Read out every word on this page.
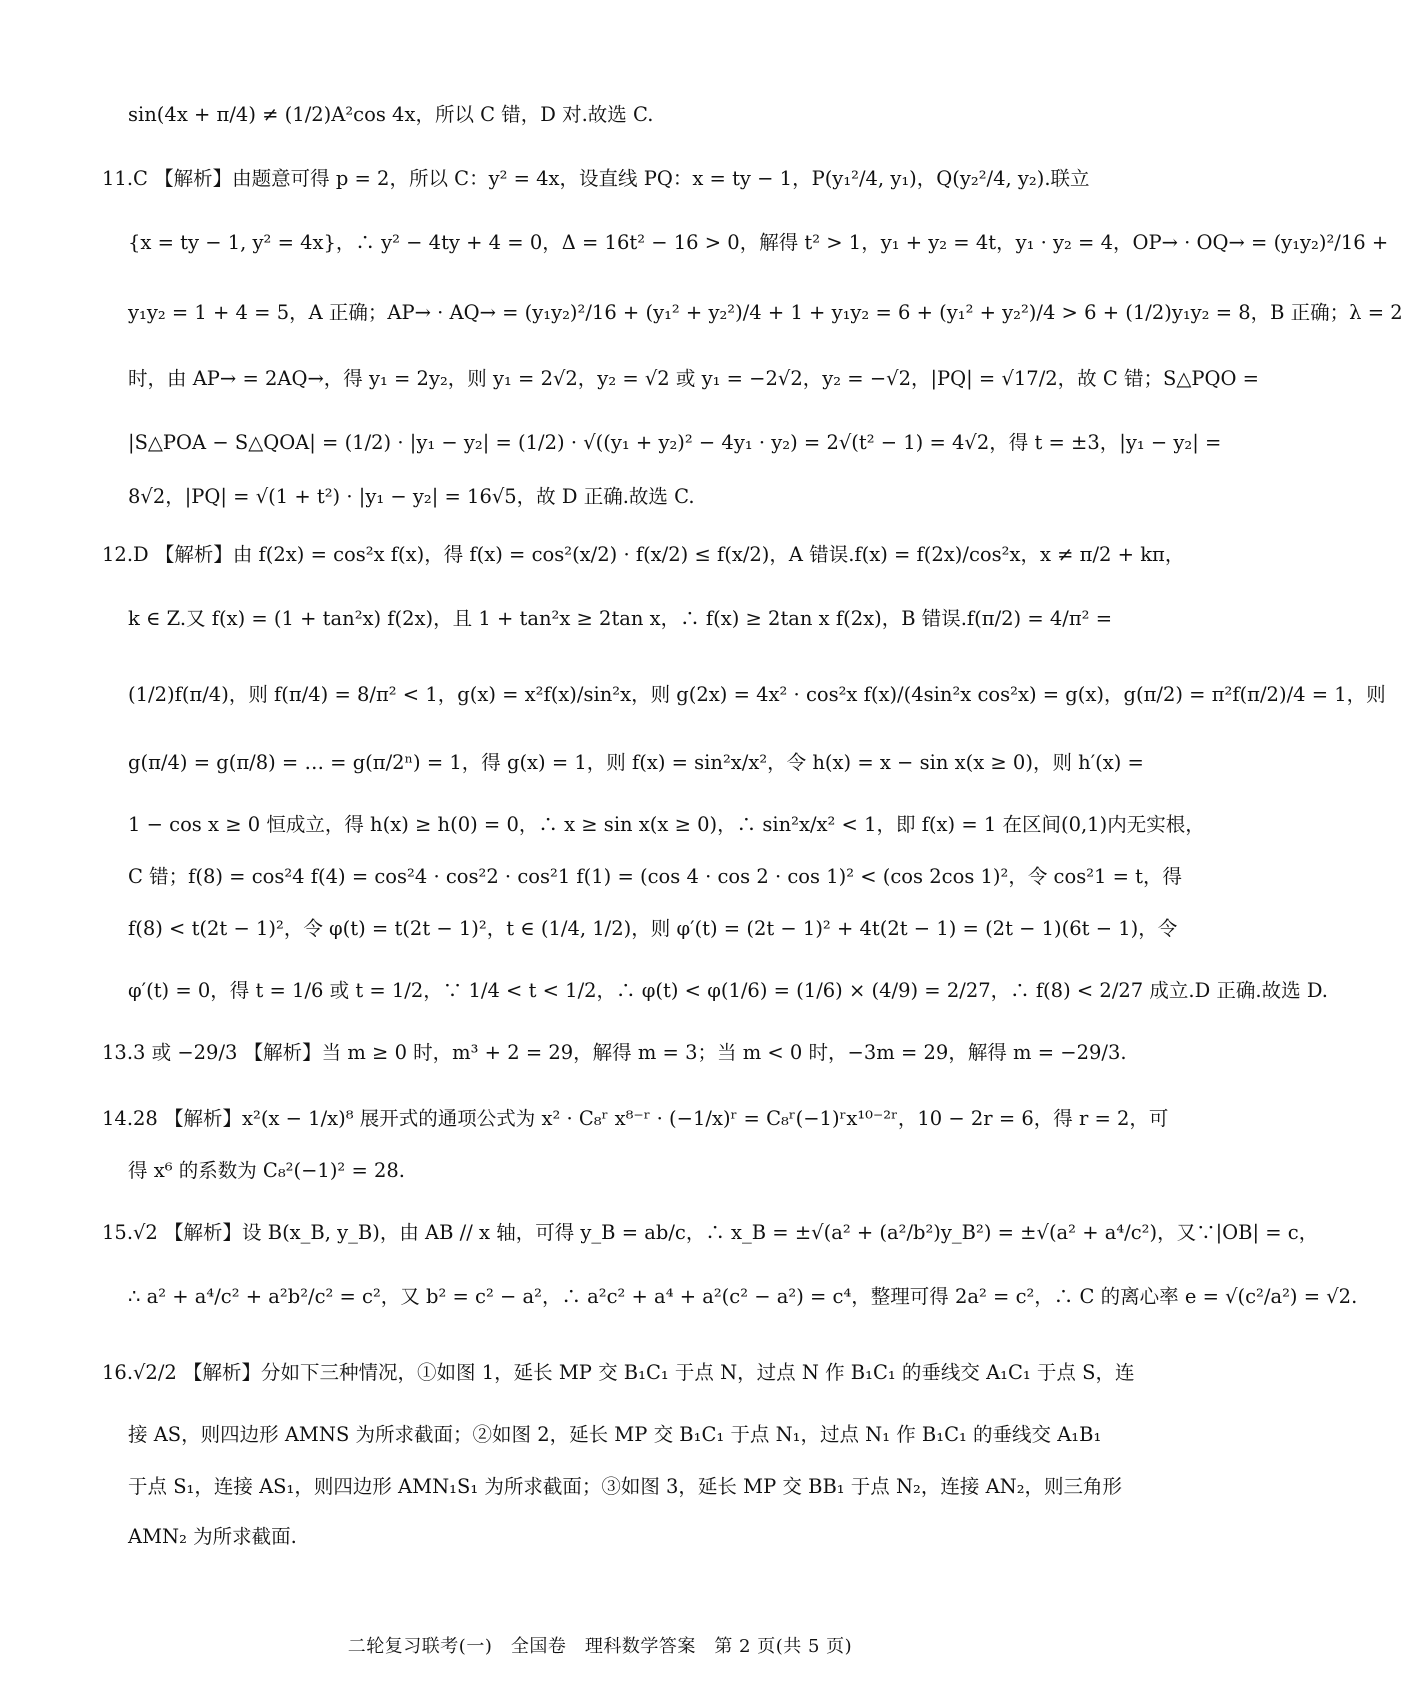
sin(4x + π/4) ≠ (1/2)A²cos 4x，所以 C 错，D 对.故选 C.
11.C 【解析】由题意可得 p = 2，所以 C：y² = 4x，设直线 PQ：x = ty − 1，P(y₁²/4, y₁)，Q(y₂²/4, y₂).联立
{x = ty − 1, y² = 4x}，∴ y² − 4ty + 4 = 0，Δ = 16t² − 16 > 0，解得 t² > 1，y₁ + y₂ = 4t，y₁ · y₂ = 4，OP→ · OQ→ = (y₁y₂)²/16 +
y₁y₂ = 1 + 4 = 5，A 正确；AP→ · AQ→ = (y₁y₂)²/16 + (y₁² + y₂²)/4 + 1 + y₁y₂ = 6 + (y₁² + y₂²)/4 > 6 + (1/2)y₁y₂ = 8，B 正确；λ = 2
时，由 AP→ = 2AQ→，得 y₁ = 2y₂，则 y₁ = 2√2，y₂ = √2 或 y₁ = −2√2，y₂ = −√2，|PQ| = √17/2，故 C 错；S△PQO =
|S△POA − S△QOA| = (1/2) · |y₁ − y₂| = (1/2) · √((y₁ + y₂)² − 4y₁ · y₂) = 2√(t² − 1) = 4√2，得 t = ±3，|y₁ − y₂| =
8√2，|PQ| = √(1 + t²) · |y₁ − y₂| = 16√5，故 D 正确.故选 C.
12.D 【解析】由 f(2x) = cos²x f(x)，得 f(x) = cos²(x/2) · f(x/2) ≤ f(x/2)，A 错误.f(x) = f(2x)/cos²x，x ≠ π/2 + kπ，
k ∈ Z.又 f(x) = (1 + tan²x) f(2x)，且 1 + tan²x ≥ 2tan x，∴ f(x) ≥ 2tan x f(2x)，B 错误.f(π/2) = 4/π² =
(1/2)f(π/4)，则 f(π/4) = 8/π² < 1，g(x) = x²f(x)/sin²x，则 g(2x) = 4x² · cos²x f(x)/(4sin²x cos²x) = g(x)，g(π/2) = π²f(π/2)/4 = 1，则
g(π/4) = g(π/8) = … = g(π/2ⁿ) = 1，得 g(x) = 1，则 f(x) = sin²x/x²，令 h(x) = x − sin x(x ≥ 0)，则 h′(x) =
1 − cos x ≥ 0 恒成立，得 h(x) ≥ h(0) = 0，∴ x ≥ sin x(x ≥ 0)，∴ sin²x/x² < 1，即 f(x) = 1 在区间(0,1)内无实根，
C 错；f(8) = cos²4 f(4) = cos²4 · cos²2 · cos²1 f(1) = (cos 4 · cos 2 · cos 1)² < (cos 2cos 1)²，令 cos²1 = t，得
f(8) < t(2t − 1)²，令 φ(t) = t(2t − 1)²，t ∈ (1/4, 1/2)，则 φ′(t) = (2t − 1)² + 4t(2t − 1) = (2t − 1)(6t − 1)，令
φ′(t) = 0，得 t = 1/6 或 t = 1/2，∵ 1/4 < t < 1/2，∴ φ(t) < φ(1/6) = (1/6) × (4/9) = 2/27，∴ f(8) < 2/27 成立.D 正确.故选 D.
13.3 或 −29/3 【解析】当 m ≥ 0 时，m³ + 2 = 29，解得 m = 3；当 m < 0 时，−3m = 29，解得 m = −29/3.
14.28 【解析】x²(x − 1/x)⁸ 展开式的通项公式为 x² · C₈ʳ x⁸⁻ʳ · (−1/x)ʳ = C₈ʳ(−1)ʳx¹⁰⁻²ʳ，10 − 2r = 6，得 r = 2，可
得 x⁶ 的系数为 C₈²(−1)² = 28.
15.√2 【解析】设 B(x_B, y_B)，由 AB // x 轴，可得 y_B = ab/c，∴ x_B = ±√(a² + (a²/b²)y_B²) = ±√(a² + a⁴/c²)，又∵|OB| = c，
∴ a² + a⁴/c² + a²b²/c² = c²，又 b² = c² − a²，∴ a²c² + a⁴ + a²(c² − a²) = c⁴，整理可得 2a² = c²，∴ C 的离心率 e = √(c²/a²) = √2.
16.√2/2 【解析】分如下三种情况，①如图 1，延长 MP 交 B₁C₁ 于点 N，过点 N 作 B₁C₁ 的垂线交 A₁C₁ 于点 S，连
接 AS，则四边形 AMNS 为所求截面；②如图 2，延长 MP 交 B₁C₁ 于点 N₁，过点 N₁ 作 B₁C₁ 的垂线交 A₁B₁
于点 S₁，连接 AS₁，则四边形 AMN₁S₁ 为所求截面；③如图 3，延长 MP 交 BB₁ 于点 N₂，连接 AN₂，则三角形
AMN₂ 为所求截面.
二轮复习联考(一)　全国卷　理科数学答案　第 2 页(共 5 页)
